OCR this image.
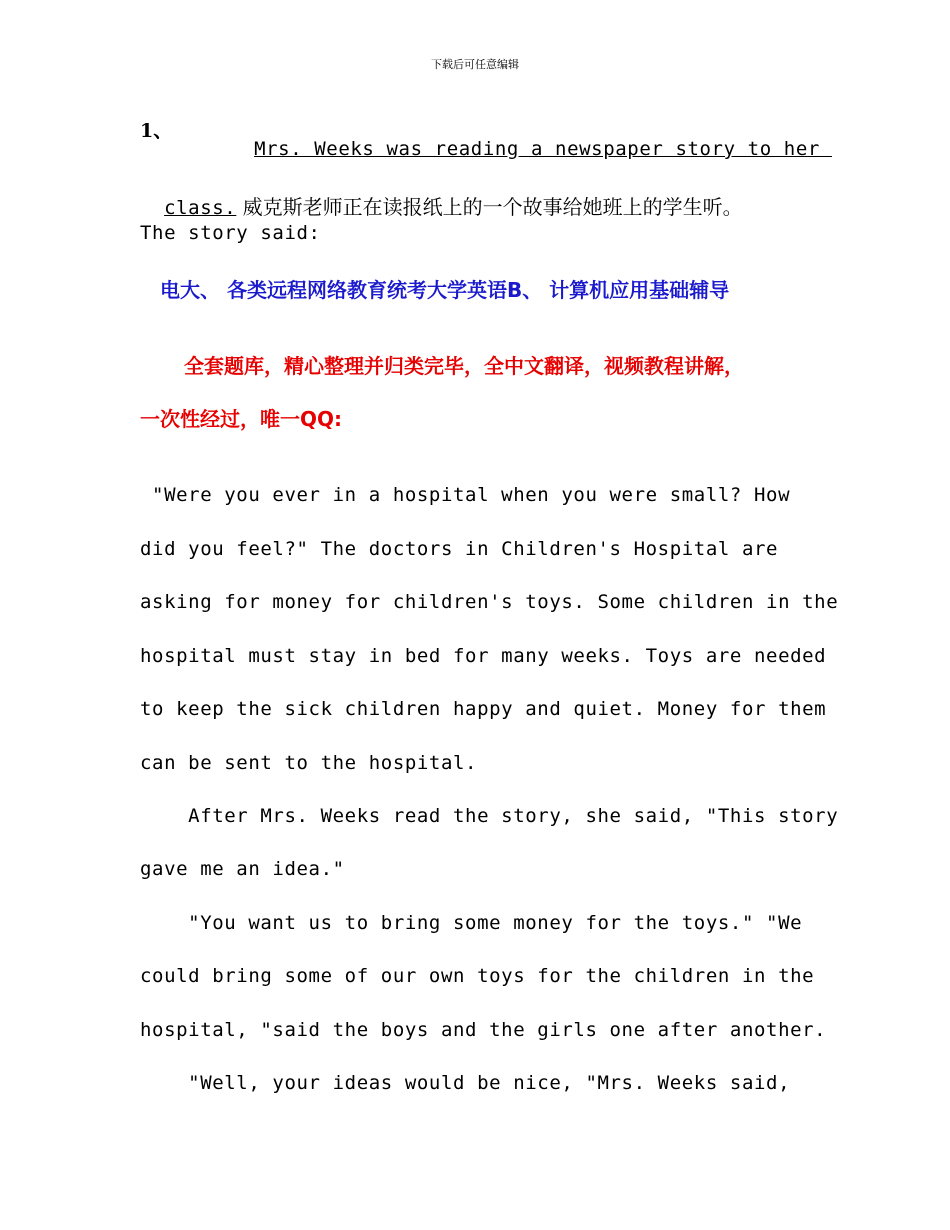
下载后可任意编辑
1、

Mrs. Weeks was reading a newspaper story to her

class. 威克斯老师正在读报纸上的一个故事给她班上的学生听。

The story said:
电大、 各类远程网络教育统考大学英语B、 计算机应用基础辅导
全套题库，精心整理并归类完毕，全中文翻译，视频教程讲解，
一次性经过，唯一QQ:
"Were you ever in a hospital when you were small? How
did you feel?" The doctors in Children's Hospital are
asking for money for children's toys. Some children in the
hospital must stay in bed for many weeks. Toys are needed
to keep the sick children happy and quiet. Money for them
can be sent to the hospital.
After Mrs. Weeks read the story, she said, "This story
gave me an idea."
"You want us to bring some money for the toys." "We
could bring some of our own toys for the children in the
hospital, "said the boys and the girls one after another.
"Well, your ideas would be nice, "Mrs. Weeks said,
